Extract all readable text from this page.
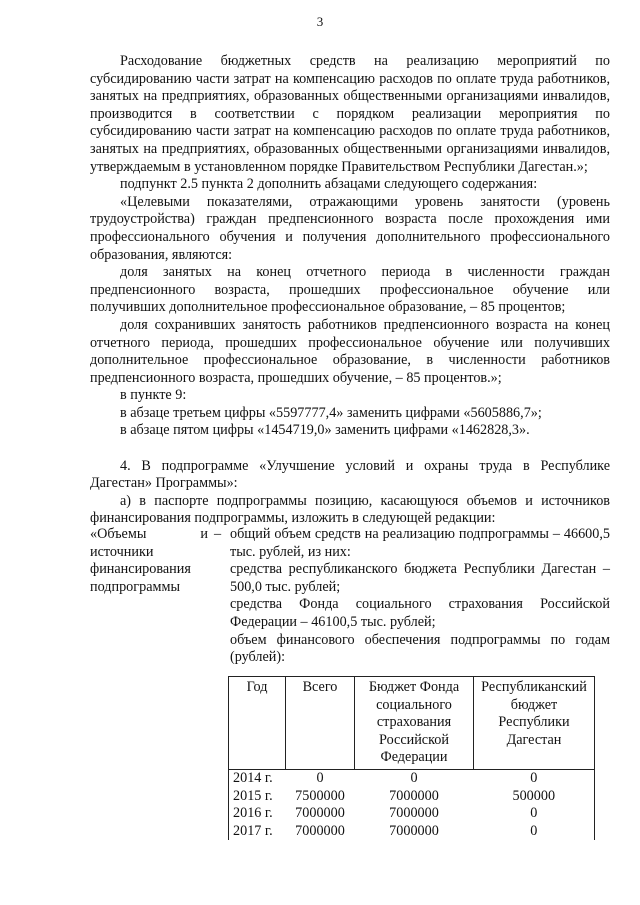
3

Расходование бюджетных средств на реализацию мероприятий по субсидированию части затрат на компенсацию расходов по оплате труда работников, занятых на предприятиях, образованных общественными организациями инвалидов, производится в соответствии с порядком реализации мероприятия по субсидированию части затрат на компенсацию расходов по оплате труда работников, занятых на предприятиях, образованных общественными организациями инвалидов, утверждаемым в установленном порядке Правительством Республики Дагестан.»;

подпункт 2.5 пункта 2 дополнить абзацами следующего содержания:

«Целевыми показателями, отражающими уровень занятости (уровень трудоустройства) граждан предпенсионного возраста после прохождения ими профессионального обучения и получения дополнительного профессионального образования, являются:

доля занятых на конец отчетного периода в численности граждан предпенсионного возраста, прошедших профессиональное обучение или получивших дополнительное профессиональное образование, – 85 процентов;

доля сохранивших занятость работников предпенсионного возраста на конец отчетного периода, прошедших профессиональное обучение или получивших дополнительное профессиональное образование, в численности работников предпенсионного возраста, прошедших обучение, – 85 процентов.»;

в пункте 9:

в абзаце третьем цифры «5597777,4» заменить цифрами «5605886,7»;

в абзаце пятом цифры «1454719,0» заменить цифрами «1462828,3».

4. В подпрограмме «Улучшение условий и охраны труда в Республике Дагестан» Программы»:

а) в паспорте подпрограммы позицию, касающуюся объемов и источников финансирования подпрограммы, изложить в следующей редакции:

«Объемы и источники финансирования подпрограммы
– общий объем средств на реализацию подпрограммы – 46600,5 тыс. рублей, из них:
средства республиканского бюджета Республики Дагестан – 500,0 тыс. рублей;
средства Фонда социального страхования Российской Федерации – 46100,5 тыс. рублей;
объем финансового обеспечения подпрограммы по годам (рублей):
Год	Всего	Бюджет Фонда социального страхования Российской Федерации	Республиканский бюджет Республики Дагестан
2014 г.	0	0	0
2015 г.	7500000	7000000	500000
2016 г.	7000000	7000000	0
2017 г.	7000000	7000000	0
